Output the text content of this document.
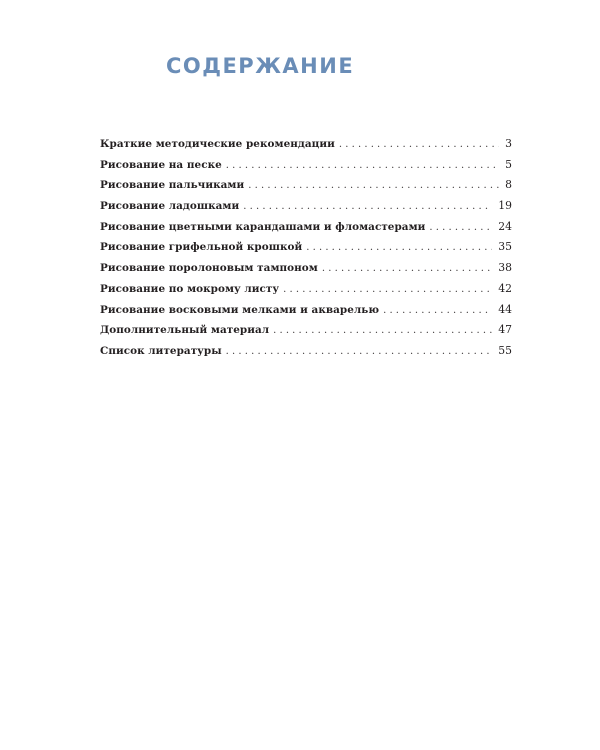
СОДЕРЖАНИЕ
Краткие методические рекомендации . . .	3
Рисование на песке . . .	5
Рисование пальчиками . . .	8
Рисование ладошками . . .	19
Рисование цветными карандашами и фломастерами . . .	24
Рисование грифельной крошкой . . .	35
Рисование поролоновым тампоном . . .	38
Рисование по мокрому листу . . .	42
Рисование восковыми мелками и акварелью . . .	44
Дополнительный материал . . .	47
Список литературы . . .	55
